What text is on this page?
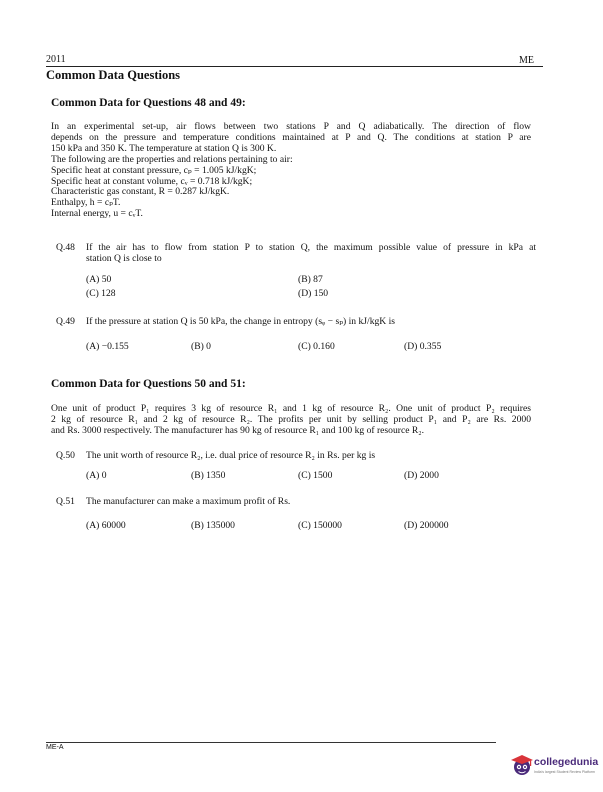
2011	ME
Common Data Questions
Common Data for Questions 48 and 49:
In an experimental set-up, air flows between two stations P and Q adiabatically. The direction of flow
depends on the pressure and temperature conditions maintained at P and Q. The conditions at station P are
150 kPa and 350 K. The temperature at station Q is 300 K.
The following are the properties and relations pertaining to air:
Specific heat at constant pressure, cₚ = 1.005 kJ/kgK;
Specific heat at constant volume, cᵥ = 0.718 kJ/kgK;
Characteristic gas constant, R = 0.287 kJ/kgK.
Enthalpy, h = cₚT.
Internal energy, u = cᵥT.
Q.48 If the air has to flow from station P to station Q, the maximum possible value of pressure in kPa at
station Q is close to
(A) 50	(B) 87
(C) 128	(D) 150
Q.49 If the pressure at station Q is 50 kPa, the change in entropy (sᵩ − sₚ) in kJ/kgK is
(A) −0.155	(B) 0	(C) 0.160	(D) 0.355
Common Data for Questions 50 and 51:
One unit of product P₁ requires 3 kg of resource R₁ and 1 kg of resource R₂. One unit of product P₂ requires
2 kg of resource R₁ and 2 kg of resource R₂. The profits per unit by selling product P₁ and P₂ are Rs. 2000
and Rs. 3000 respectively. The manufacturer has 90 kg of resource R₁ and 100 kg of resource R₂.
Q.50 The unit worth of resource R₂, i.e. dual price of resource R₂ in Rs. per kg is
(A) 0	(B) 1350	(C) 1500	(D) 2000
Q.51 The manufacturer can make a maximum profit of Rs.
(A) 60000	(B) 135000	(C) 150000	(D) 200000
ME-A
collegedunia
India's largest Student Review Platform
